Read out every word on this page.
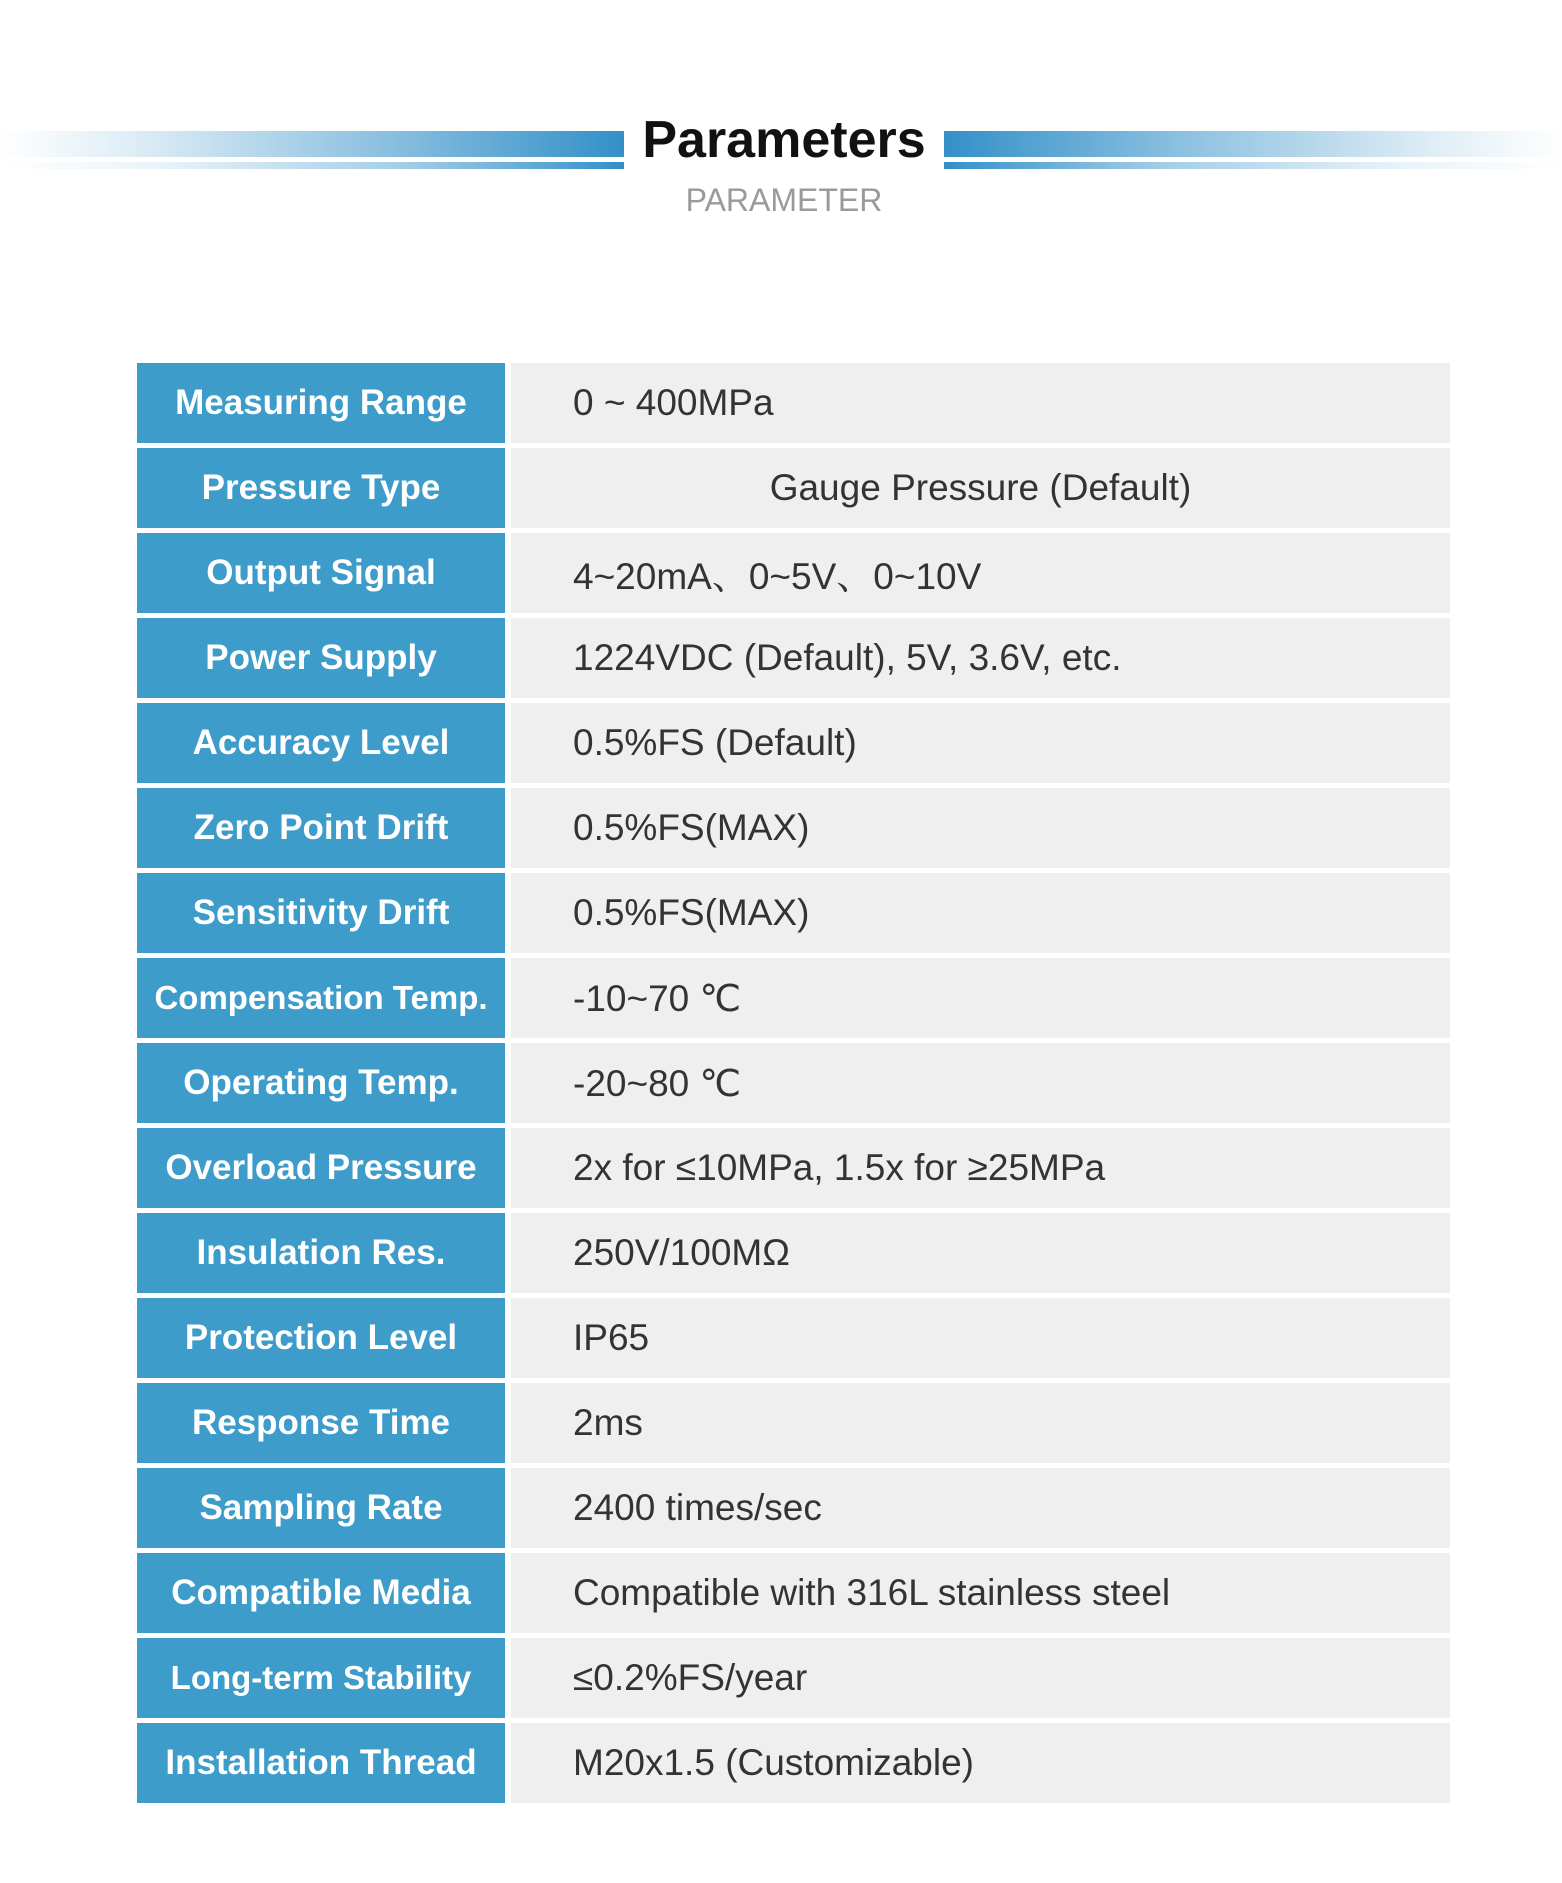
Parameters
PARAMETER
Measuring Range	0 ~ 400MPa
Pressure Type	Gauge Pressure (Default)
Output Signal	4~20mA、0~5V、0~10V
Power Supply	1224VDC (Default), 5V, 3.6V, etc.
Accuracy Level	0.5%FS (Default)
Zero Point Drift	0.5%FS(MAX)
Sensitivity Drift	0.5%FS(MAX)
Compensation Temp.	-10~70 ℃
Operating Temp.	-20~80 ℃
Overload Pressure	2x for ≤10MPa, 1.5x for ≥25MPa
Insulation Res.	250V/100MΩ
Protection Level	IP65
Response Time	2ms
Sampling Rate	2400 times/sec
Compatible Media	Compatible with 316L stainless steel
Long-term Stability	≤0.2%FS/year
Installation Thread	M20x1.5 (Customizable)
